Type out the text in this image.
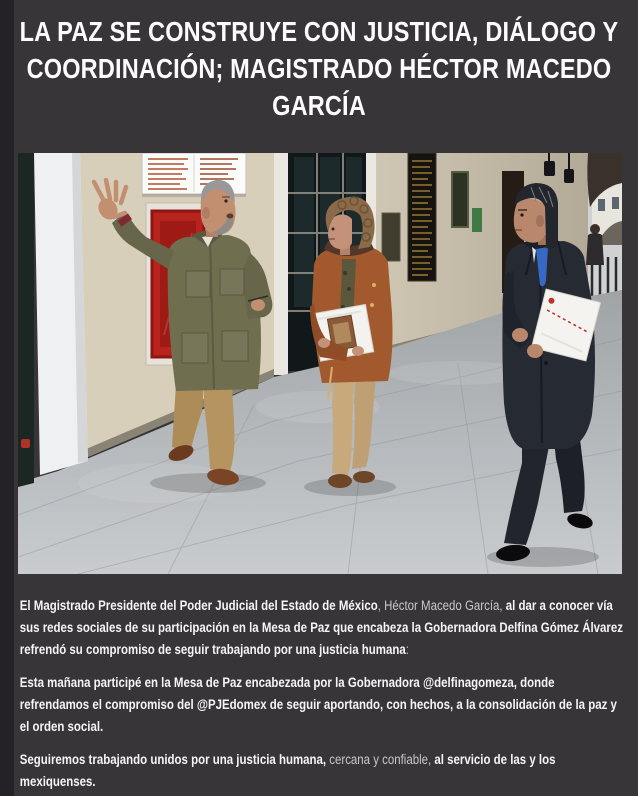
LA PAZ SE CONSTRUYE CON JUSTICIA, DIÁLOGO Y
COORDINACIÓN; MAGISTRADO HÉCTOR MACEDO
GARCÍA

El Magistrado Presidente del Poder Judicial del Estado de México, Héctor Macedo García, al dar a conocer vía sus redes sociales de su participación en la Mesa de Paz que encabeza la Gobernadora Delfina Gómez Álvarez refrendó su compromiso de seguir trabajando por una justicia humana:

Esta mañana participé en la Mesa de Paz encabezada por la Gobernadora @delfinagomeza, donde refrendamos el compromiso del @PJEdomex de seguir aportando, con hechos, a la consolidación de la paz y el orden social.

Seguiremos trabajando unidos por una justicia humana, cercana y confiable, al servicio de las y los mexiquenses.
